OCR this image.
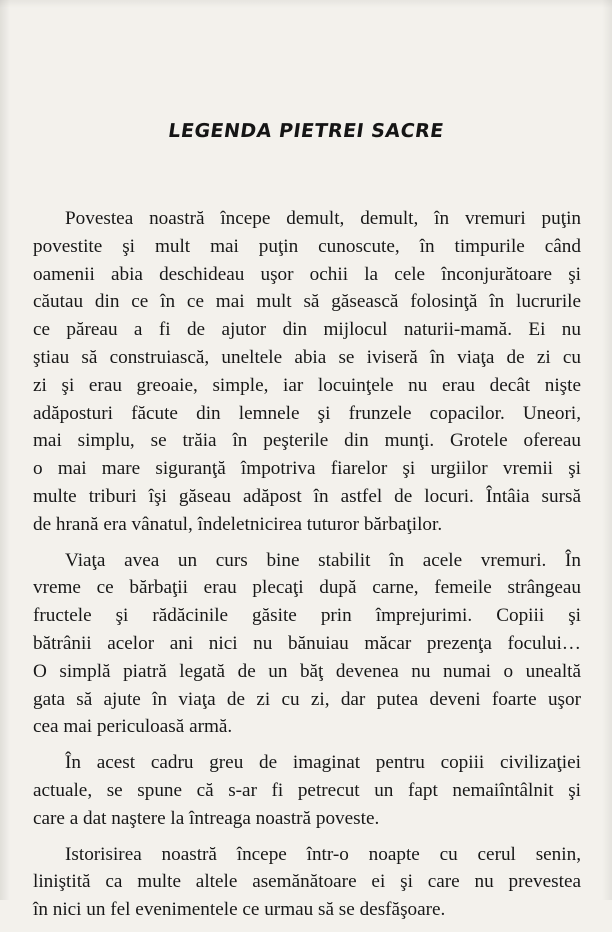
LEGENDA PIETREI SACRE
Povestea noastră începe demult, demult, în vremuri puţin
povestite şi mult mai puţin cunoscute, în timpurile când
oamenii abia deschideau uşor ochii la cele înconjurătoare şi
căutau din ce în ce mai mult să găsească folosinţă în lucrurile
ce păreau a fi de ajutor din mijlocul naturii-mamă. Ei nu
ştiau să construiască, uneltele abia se iviseră în viaţa de zi cu
zi şi erau greoaie, simple, iar locuinţele nu erau decât nişte
adăposturi făcute din lemnele şi frunzele copacilor. Uneori,
mai simplu, se trăia în peşterile din munţi. Grotele ofereau
o mai mare siguranţă împotriva fiarelor şi urgiilor vremii şi
multe triburi îşi găseau adăpost în astfel de locuri. Întâia sursă
de hrană era vânatul, îndeletnicirea tuturor bărbaţilor.
Viaţa avea un curs bine stabilit în acele vremuri. În
vreme ce bărbaţii erau plecaţi după carne, femeile strângeau
fructele şi rădăcinile găsite prin împrejurimi. Copiii şi
bătrânii acelor ani nici nu bănuiau măcar prezenţa focului…
O simplă piatră legată de un băţ devenea nu numai o unealtă
gata să ajute în viaţa de zi cu zi, dar putea deveni foarte uşor
cea mai periculoasă armă.
În acest cadru greu de imaginat pentru copiii civilizaţiei
actuale, se spune că s-ar fi petrecut un fapt nemaiîntâlnit şi
care a dat naştere la întreaga noastră poveste.
Istorisirea noastră începe într-o noapte cu cerul senin,
liniştită ca multe altele asemănătoare ei şi care nu prevestea
în nici un fel evenimentele ce urmau să se desfăşoare.
